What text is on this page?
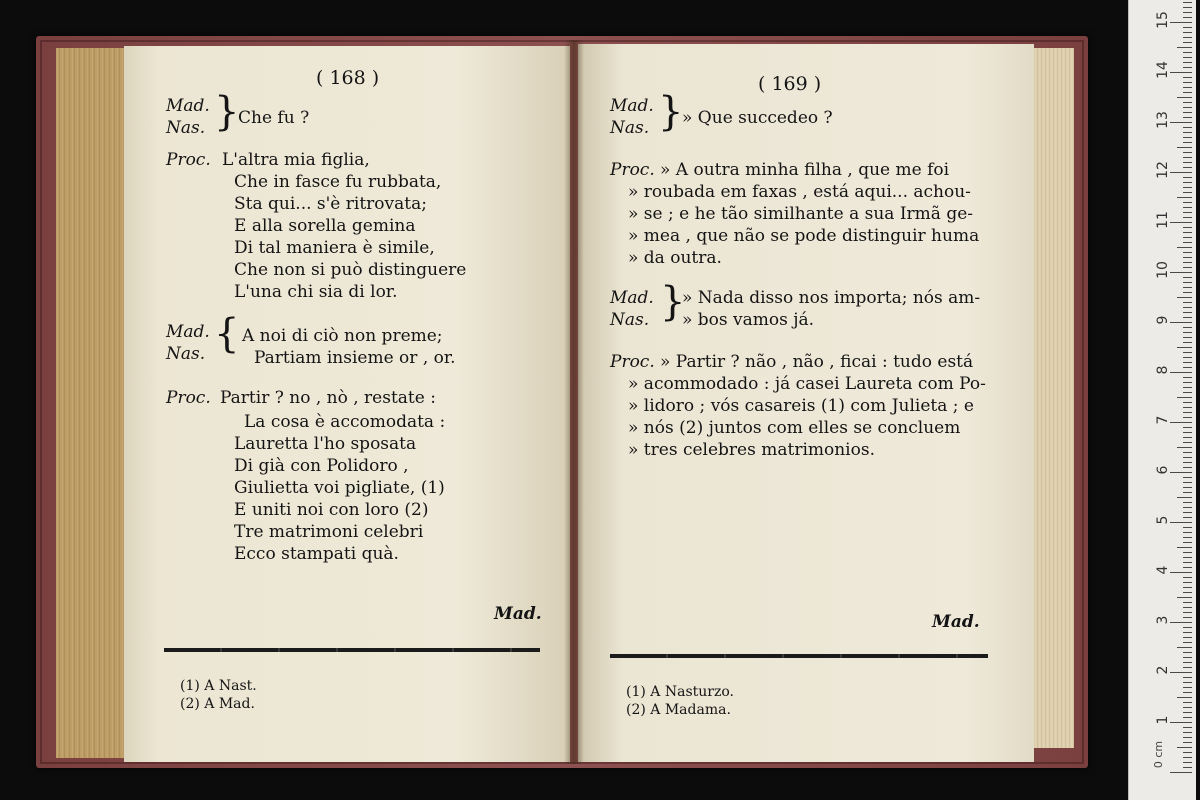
( 168 )
Mad.
Nas. }
Che fu ?
Proc. L'altra mia figlia,
Che in fasce fu rubbata,
Sta qui... s'è ritrovata;
E alla sorella gemina
Di tal maniera è simile,
Che non si può distinguere
L'una chi sia di lor.
Mad.
Nas. } A noi di ciò non preme;
Partiam insieme or , or.
Proc. Partir ? no , nò , restate :
La cosa è accomodata :
Lauretta l'ho sposata
Di già con Polidoro ,
Giulietta voi pigliate, (1)
E uniti noi con loro (2)
Tre matrimoni celebri
Ecco stampati quà.
Mad.
(1) A Nast.
(2) A Mad.
( 169 )
Mad.
Nas. }
» Que succedeo ?
Proc. » A outra minha filha , que me foi
» roubada em faxas , está aqui... achou-
» se ; e he tão similhante a sua Irmã ge-
» mea , que não se pode distinguir huma
» da outra.
Mad.
Nas. }
» Nada disso nos importa; nós am-
» bos vamos já.
Proc. » Partir ? não , não , ficai : tudo está
» acommodado : já casei Laureta com Po-
» lidoro ; vós casareis (1) com Julieta ; e
» nós (2) juntos com elles se concluem
» tres celebres matrimonios.
Mad.
(1) A Nasturzo.
(2) A Madama.
15
14
13
12
11
10
9
8
7
6
5
4
3
2
1
0 cm
